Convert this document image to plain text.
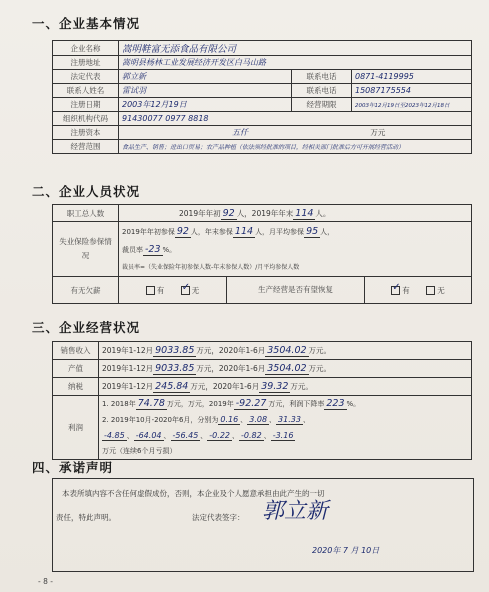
一、企业基本情况
企业名称	嵩明鞋富无添食品有限公司		
注册地址	嵩明县杨林工业发展经济开发区白马山路		
法定代表	郭立新	联系电话	0871-4119995
联系人姓名	雷试羽	联系电话	15087175554
注册日期	2003年12月19日	经营期限	2003年12月19日至2023年12月18日
组织机构代码	91430077 0977 8818		
注册资本	五仟 万元		
经营范围	食品生产、销售；进出口贸易；农产品种植（依法须经批准的项目，经相关部门批准后方可开展经营活动）		
二、企业人员状况
职工总人数	2019年年初 92 人，2019年年末 114 人。		
失业保险参保情况	2019年年初参保 92 人，年末参保 114 人，月平均参保 95 人，
裁员率 -23 %。
裁员率=（失业保险年初参保人数-年末参保人数）/月平均参保人数		
有无欠薪	有 ✓ 无	生产经营是否有望恢复	✓ 有 无
三、企业经营状况
销售收入	2019年1-12月 9033.85 万元，2020年1-6月 3504.02 万元。
产值	2019年1-12月 9033.85 万元，2020年1-6月 3504.02 万元。
纳税	2019年1-12月 245.84 万元，2020年1-6月 39.32 万元。
利润	1. 2018年 74.78 万元，万元，2019年 -92.27 万元，利润下降率 223 %。
2. 2019年10月-2020年6月，分别为 0.16 、 3.08 、 31.33 、
-4.85 、 -64.04 、 -56.45 、 -0.22 、 -0.82 、 -3.16
万元（连续6个月亏损）
四、承诺声明
本表所填内容不含任何虚假成份，否则，本企业及个人愿意承担由此产生的一切
责任，特此声明。	法定代表签字： 郭立新
2020年 7 月 10日
- 8 -
